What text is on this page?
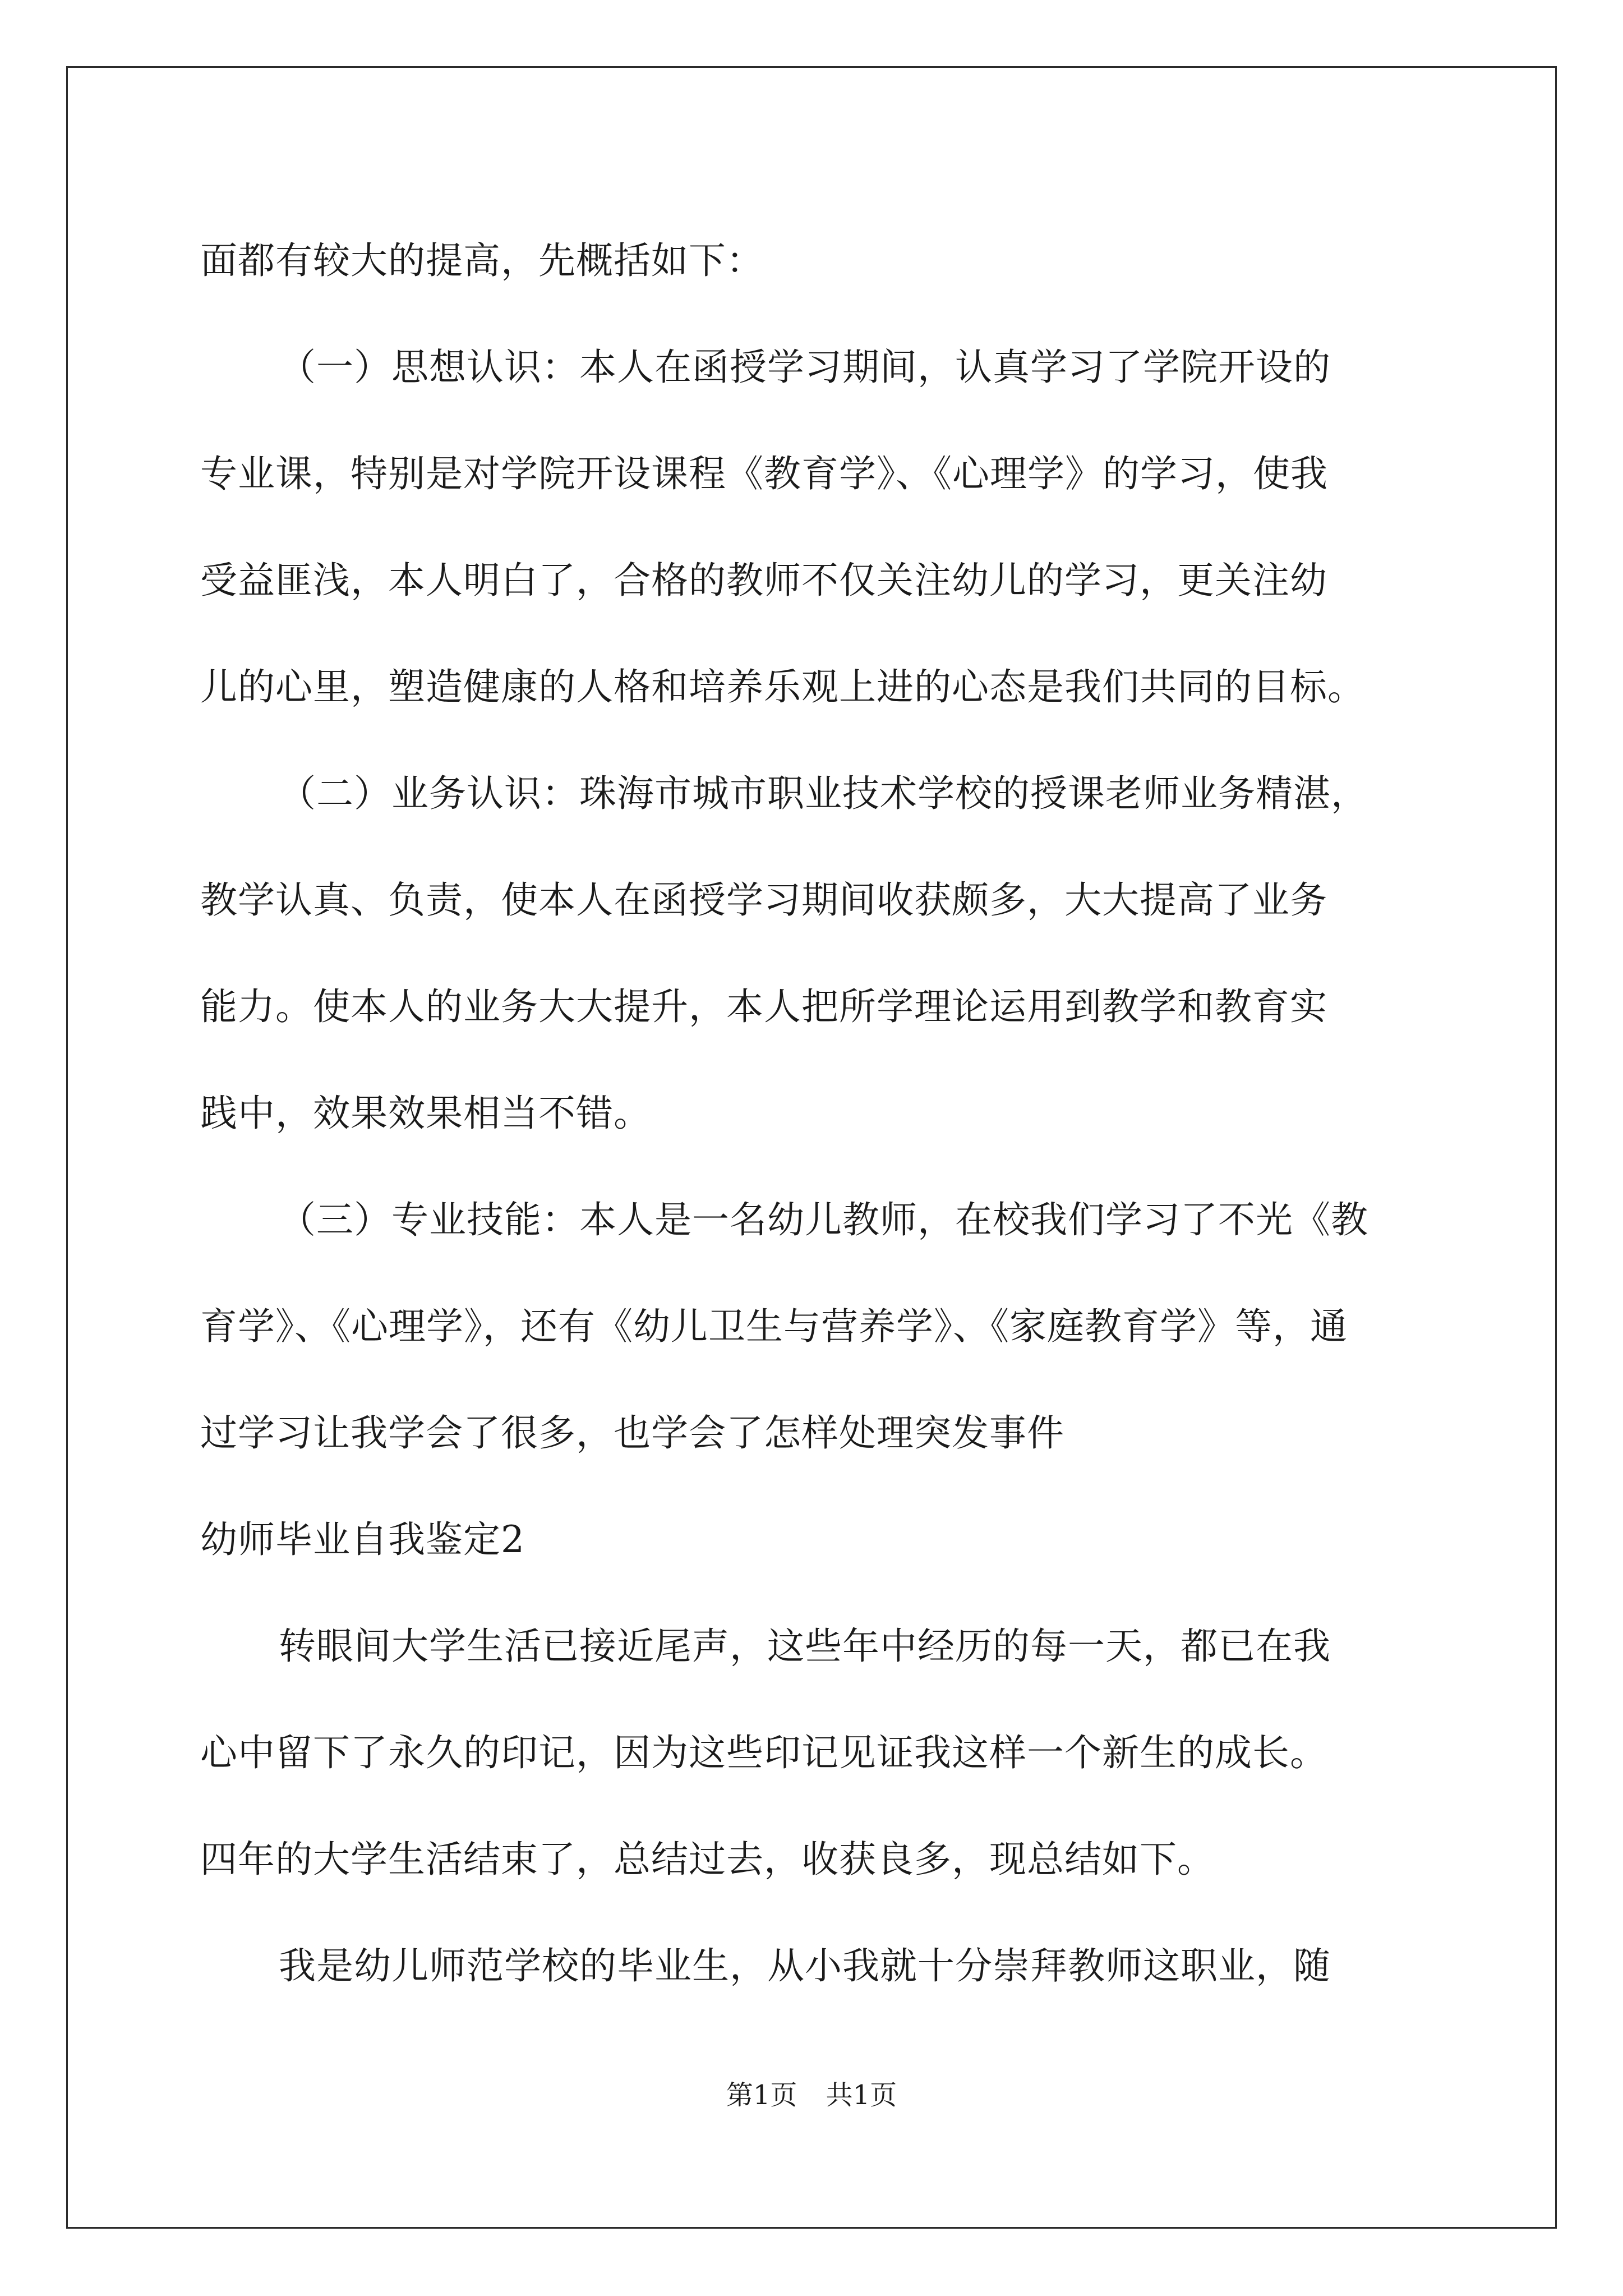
面都有较大的提高，先概括如下：
（一）思想认识：本人在函授学习期间，认真学习了学院开设的
专业课，特别是对学院开设课程《教育学》、《心理学》的学习，使我
受益匪浅，本人明白了，合格的教师不仅关注幼儿的学习，更关注幼
儿的心里，塑造健康的人格和培养乐观上进的心态是我们共同的目标。
（二）业务认识：珠海市城市职业技术学校的授课老师业务精湛，
教学认真、负责，使本人在函授学习期间收获颇多，大大提高了业务
能力。使本人的业务大大提升，本人把所学理论运用到教学和教育实
践中，效果效果相当不错。
（三）专业技能：本人是一名幼儿教师，在校我们学习了不光《教
育学》、《心理学》，还有《幼儿卫生与营养学》、《家庭教育学》等，通
过学习让我学会了很多，也学会了怎样处理突发事件
幼师毕业自我鉴定2
转眼间大学生活已接近尾声，这些年中经历的每一天，都已在我
心中留下了永久的印记，因为这些印记见证我这样一个新生的成长。
四年的大学生活结束了，总结过去，收获良多，现总结如下。
我是幼儿师范学校的毕业生，从小我就十分崇拜教师这职业，随
第1页 共1页
